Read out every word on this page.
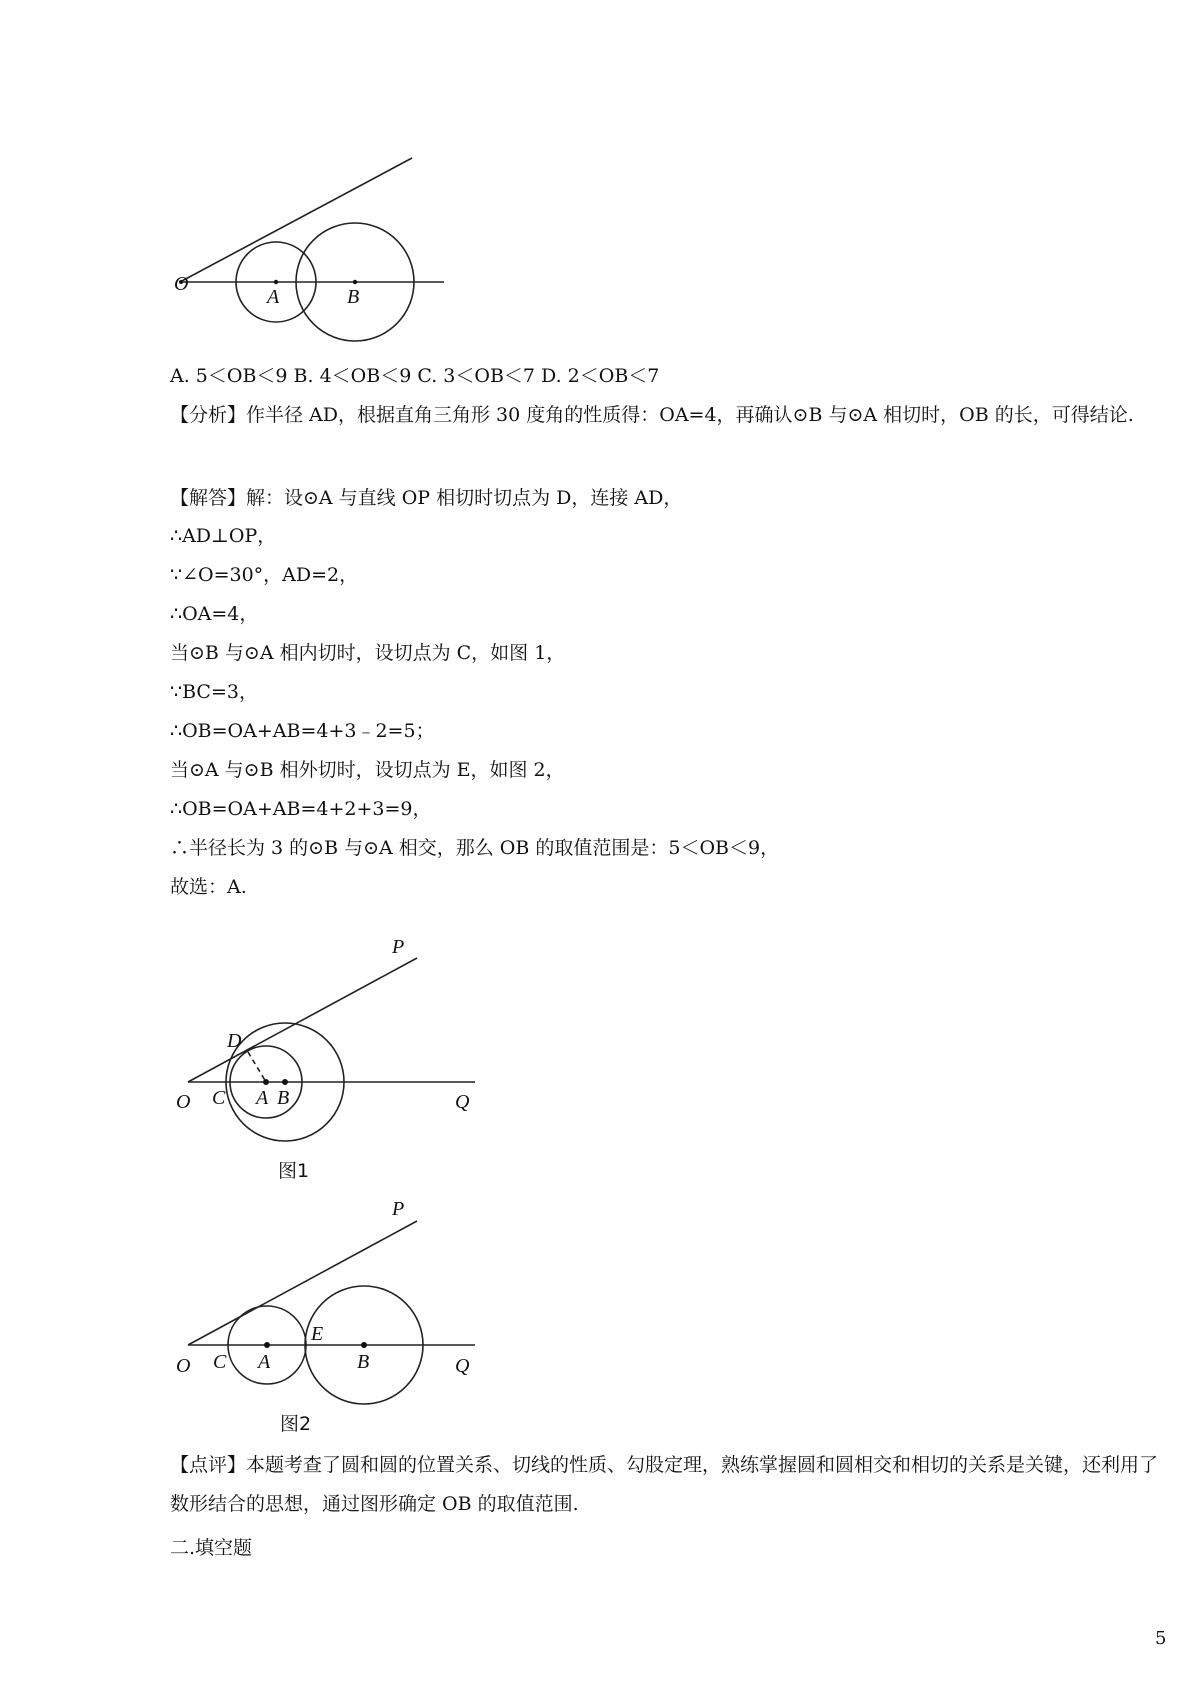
O
A	B
P
D
O C A B	Q
图1
P
O C A
E
B	Q
图2
A. 5＜OB＜9 B. 4＜OB＜9 C. 3＜OB＜7 D. 2＜OB＜7
【分析】作半径 AD，根据直角三角形 30 度角的性质得：OA=4，再确认⊙B 与⊙A 相切时，OB 的长，可得结论.
【解答】解：设⊙A 与直线 OP 相切时切点为 D，连接 AD，
∴AD⊥OP，
∵∠O=30°，AD=2，
∴OA=4，
当⊙B 与⊙A 相内切时，设切点为 C，如图 1，
∵BC=3，
∴OB=OA+AB=4+3﹣2=5；
当⊙A 与⊙B 相外切时，设切点为 E，如图 2，
∴OB=OA+AB=4+2+3=9，
∴半径长为 3 的⊙B 与⊙A 相交，那么 OB 的取值范围是：5＜OB＜9，
故选：A.
【点评】本题考查了圆和圆的位置关系、切线的性质、勾股定理，熟练掌握圆和圆相交和相切的关系是关键，还利用了数形结合的思想，通过图形确定 OB 的取值范围.
二.填空题
5
